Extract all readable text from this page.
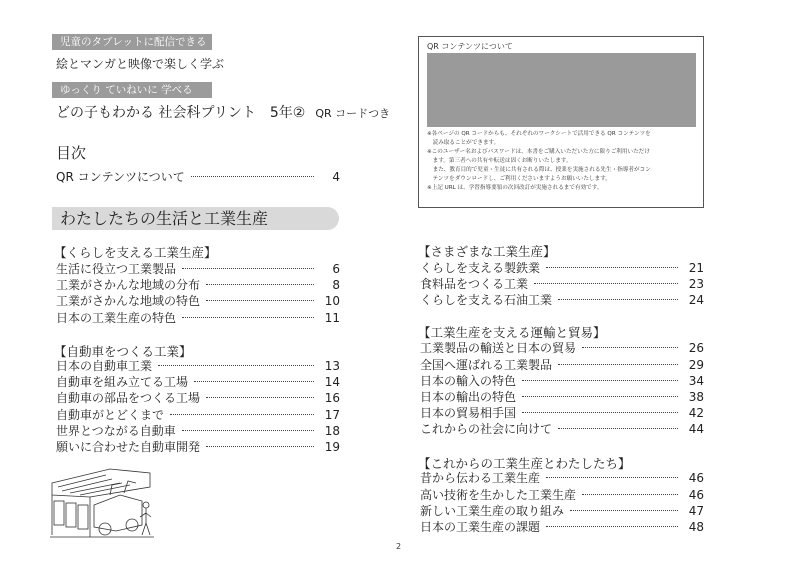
児童のタブレットに配信できる
絵とマンガと映像で楽しく学ぶ
ゆっくり ていねいに 学べる
どの子もわかる 社会科プリント　5年② QR コードつき
目次
QR コンテンツについて	4
わたしたちの生活と工業生産
【くらしを支える工業生産】
生活に役立つ工業製品	6
工業がさかんな地域の分布	8
工業がさかんな地域の特色	10
日本の工業生産の特色	11
【自動車をつくる工業】
日本の自動車工業	13
自動車を組み立てる工場	14
自動車の部品をつくる工場	16
自動車がとどくまで	17
世界とつながる自動車	18
願いに合わせた自動車開発	19
QR コンテンツについて
※各ページの QR コードからも、それぞれのワークシートで活用できる QR コンテンツを
　読み取ることができます。
※このユーザー名およびパスワードは、本書をご購入いただいた方に限りご利用いただけ
　ます。第三者への共有や転送は固くお断りいたします。
　また、教育目的で児童・生徒に共有される際は、授業を実施される先生・指導者がコン
　テンツをダウンロードし、ご利用くださいますようお願いいたします。
※上記 URL は、学習指導要領の次回改訂が実施されるまで有効です。
【さまざまな工業生産】
くらしを支える製鉄業	21
食料品をつくる工業	23
くらしを支える石油工業	24
【工業生産を支える運輸と貿易】
工業製品の輸送と日本の貿易	26
全国へ運ばれる工業製品	29
日本の輸入の特色	34
日本の輸出の特色	38
日本の貿易相手国	42
これからの社会に向けて	44
【これからの工業生産とわたしたち】
昔から伝わる工業生産	46
高い技術を生かした工業生産	46
新しい工業生産の取り組み	47
日本の工業生産の課題	48
2
